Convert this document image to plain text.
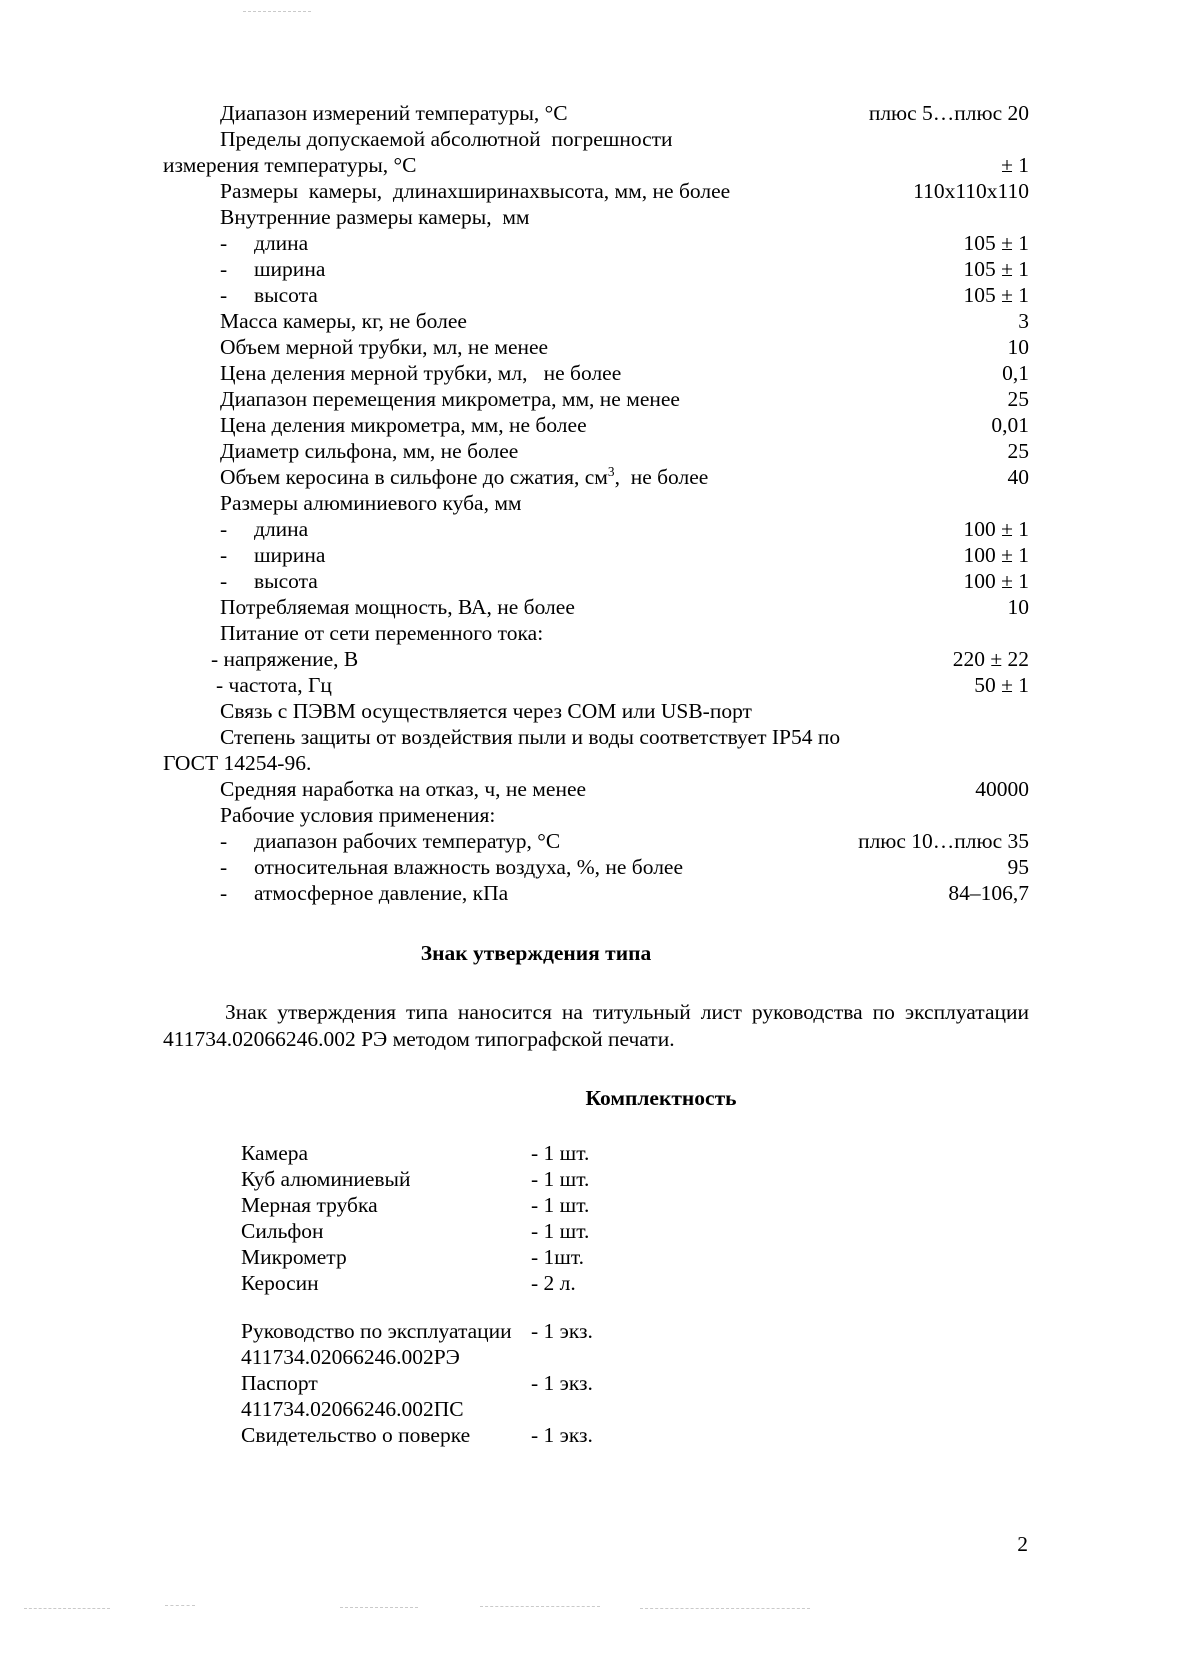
Диапазон измерений температуры, °C	плюс 5…плюс 20
Пределы допускаемой абсолютной  погрешности
измерения температуры, °C	± 1
Размеры  камеры,  длинаxширинаxвысота, мм, не более	110x110x110
Внутренние размеры камеры,  мм
- длина	105 ± 1
- ширина	105 ± 1
- высота	105 ± 1
Масса камеры, кг, не более	3
Объем мерной трубки, мл, не менее	10
Цена деления мерной трубки, мл,   не более	0,1
Диапазон перемещения микрометра, мм, не менее	25
Цена деления микрометра, мм, не более	0,01
Диаметр сильфона, мм, не более	25
Объем керосина в сильфоне до сжатия, $см^3$,  не более	40
Размеры алюминиевого куба, мм
- длина	100 ± 1
- ширина	100 ± 1
- высота	100 ± 1
Потребляемая мощность, ВА, не более	10
Питание от сети переменного тока:
- напряжение, В	220 ± 22
- частота, Гц	50 ± 1
Связь с ПЭВМ осуществляется через COM или USB-порт
Степень защиты от воздействия пыли и воды соответствует IP54 по
ГОСТ 14254-96.
Средняя наработка на отказ, ч, не менее	40000
Рабочие условия применения:
- диапазон рабочих температур, °C	плюс 10…плюс 35
- относительная влажность воздуха, %, не более	95
- атмосферное давление, кПа	84–106,7
Знак утверждения типа
Знак утверждения типа наносится на титульный лист руководства по эксплуатации 411734.02066246.002 РЭ методом типографской печати.
Комплектность
Камера	- 1 шт.
Куб алюминиевый	- 1 шт.
Мерная трубка	- 1 шт.
Сильфон	- 1 шт.
Микрометр	- 1шт.
Керосин	- 2 л.
Руководство по эксплуатации - 1 экз.
411734.02066246.002РЭ
Паспорт	- 1 экз.
411734.02066246.002ПС
Свидетельство о поверке	- 1 экз.
2
